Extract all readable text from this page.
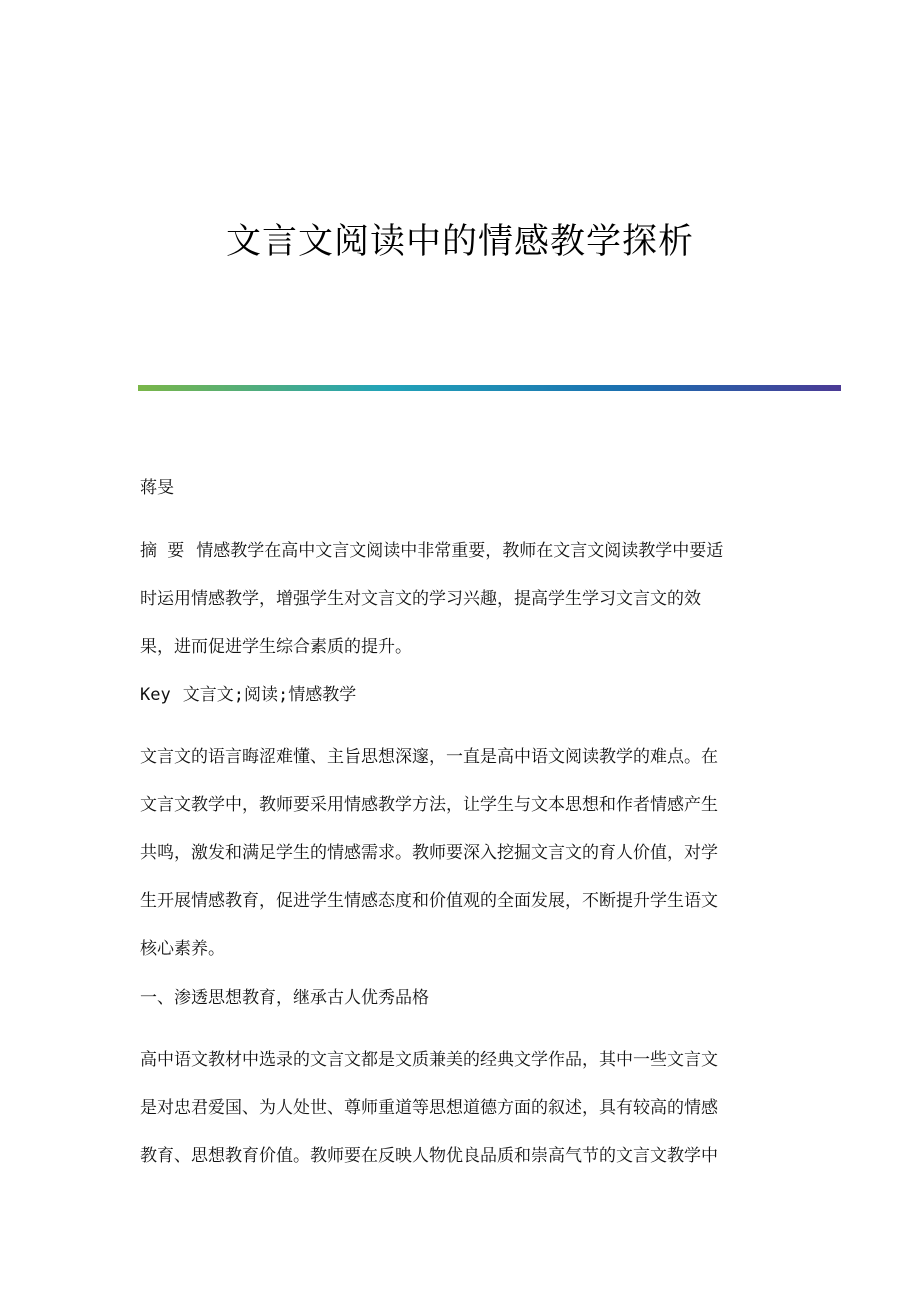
文言文阅读中的情感教学探析
蒋旻
摘 要 情感教学在高中文言文阅读中非常重要，教师在文言文阅读教学中要适
时运用情感教学，增强学生对文言文的学习兴趣，提高学生学习文言文的效
果，进而促进学生综合素质的提升。
Key 文言文;阅读;情感教学
文言文的语言晦涩难懂、主旨思想深邃，一直是高中语文阅读教学的难点。在
文言文教学中，教师要采用情感教学方法，让学生与文本思想和作者情感产生
共鸣，激发和满足学生的情感需求。教师要深入挖掘文言文的育人价值，对学
生开展情感教育，促进学生情感态度和价值观的全面发展，不断提升学生语文
核心素养。
一、渗透思想教育，继承古人优秀品格
高中语文教材中选录的文言文都是文质兼美的经典文学作品，其中一些文言文
是对忠君爱国、为人处世、尊师重道等思想道德方面的叙述，具有较高的情感
教育、思想教育价值。教师要在反映人物优良品质和崇高气节的文言文教学中
